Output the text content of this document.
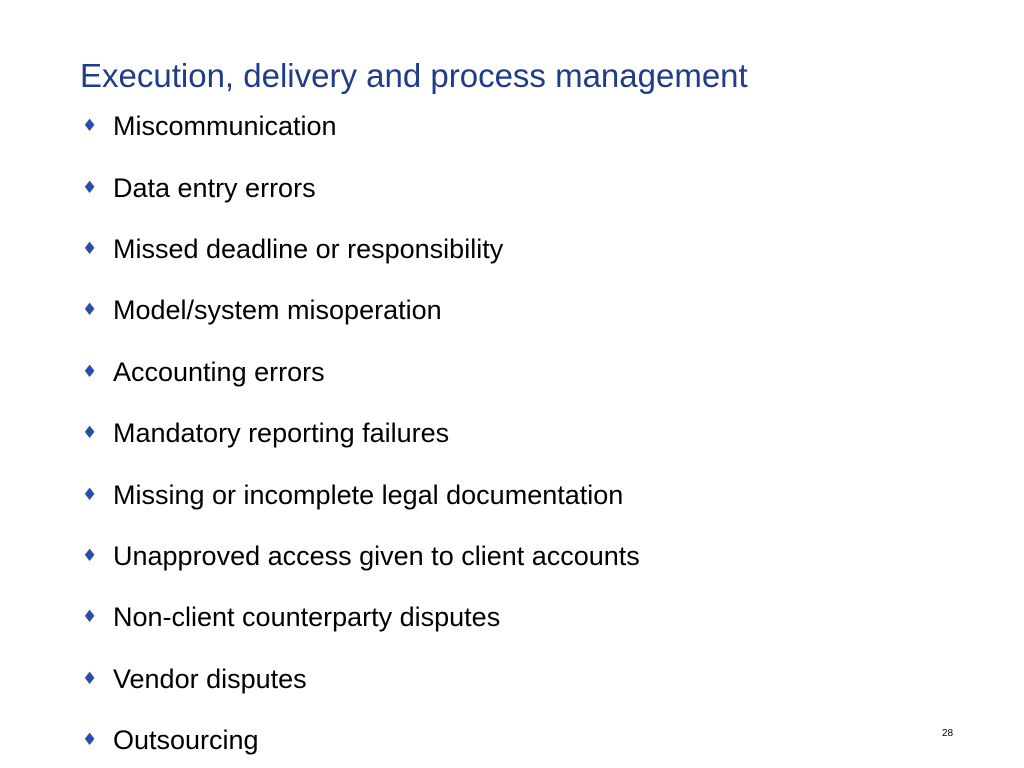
Execution, delivery and process management
♦ Miscommunication
♦ Data entry errors
♦ Missed deadline or responsibility
♦ Model/system misoperation
♦ Accounting errors
♦ Mandatory reporting failures
♦ Missing or incomplete legal documentation
♦ Unapproved access given to client accounts
♦ Non-client counterparty disputes
♦ Vendor disputes
♦ Outsourcing	28
